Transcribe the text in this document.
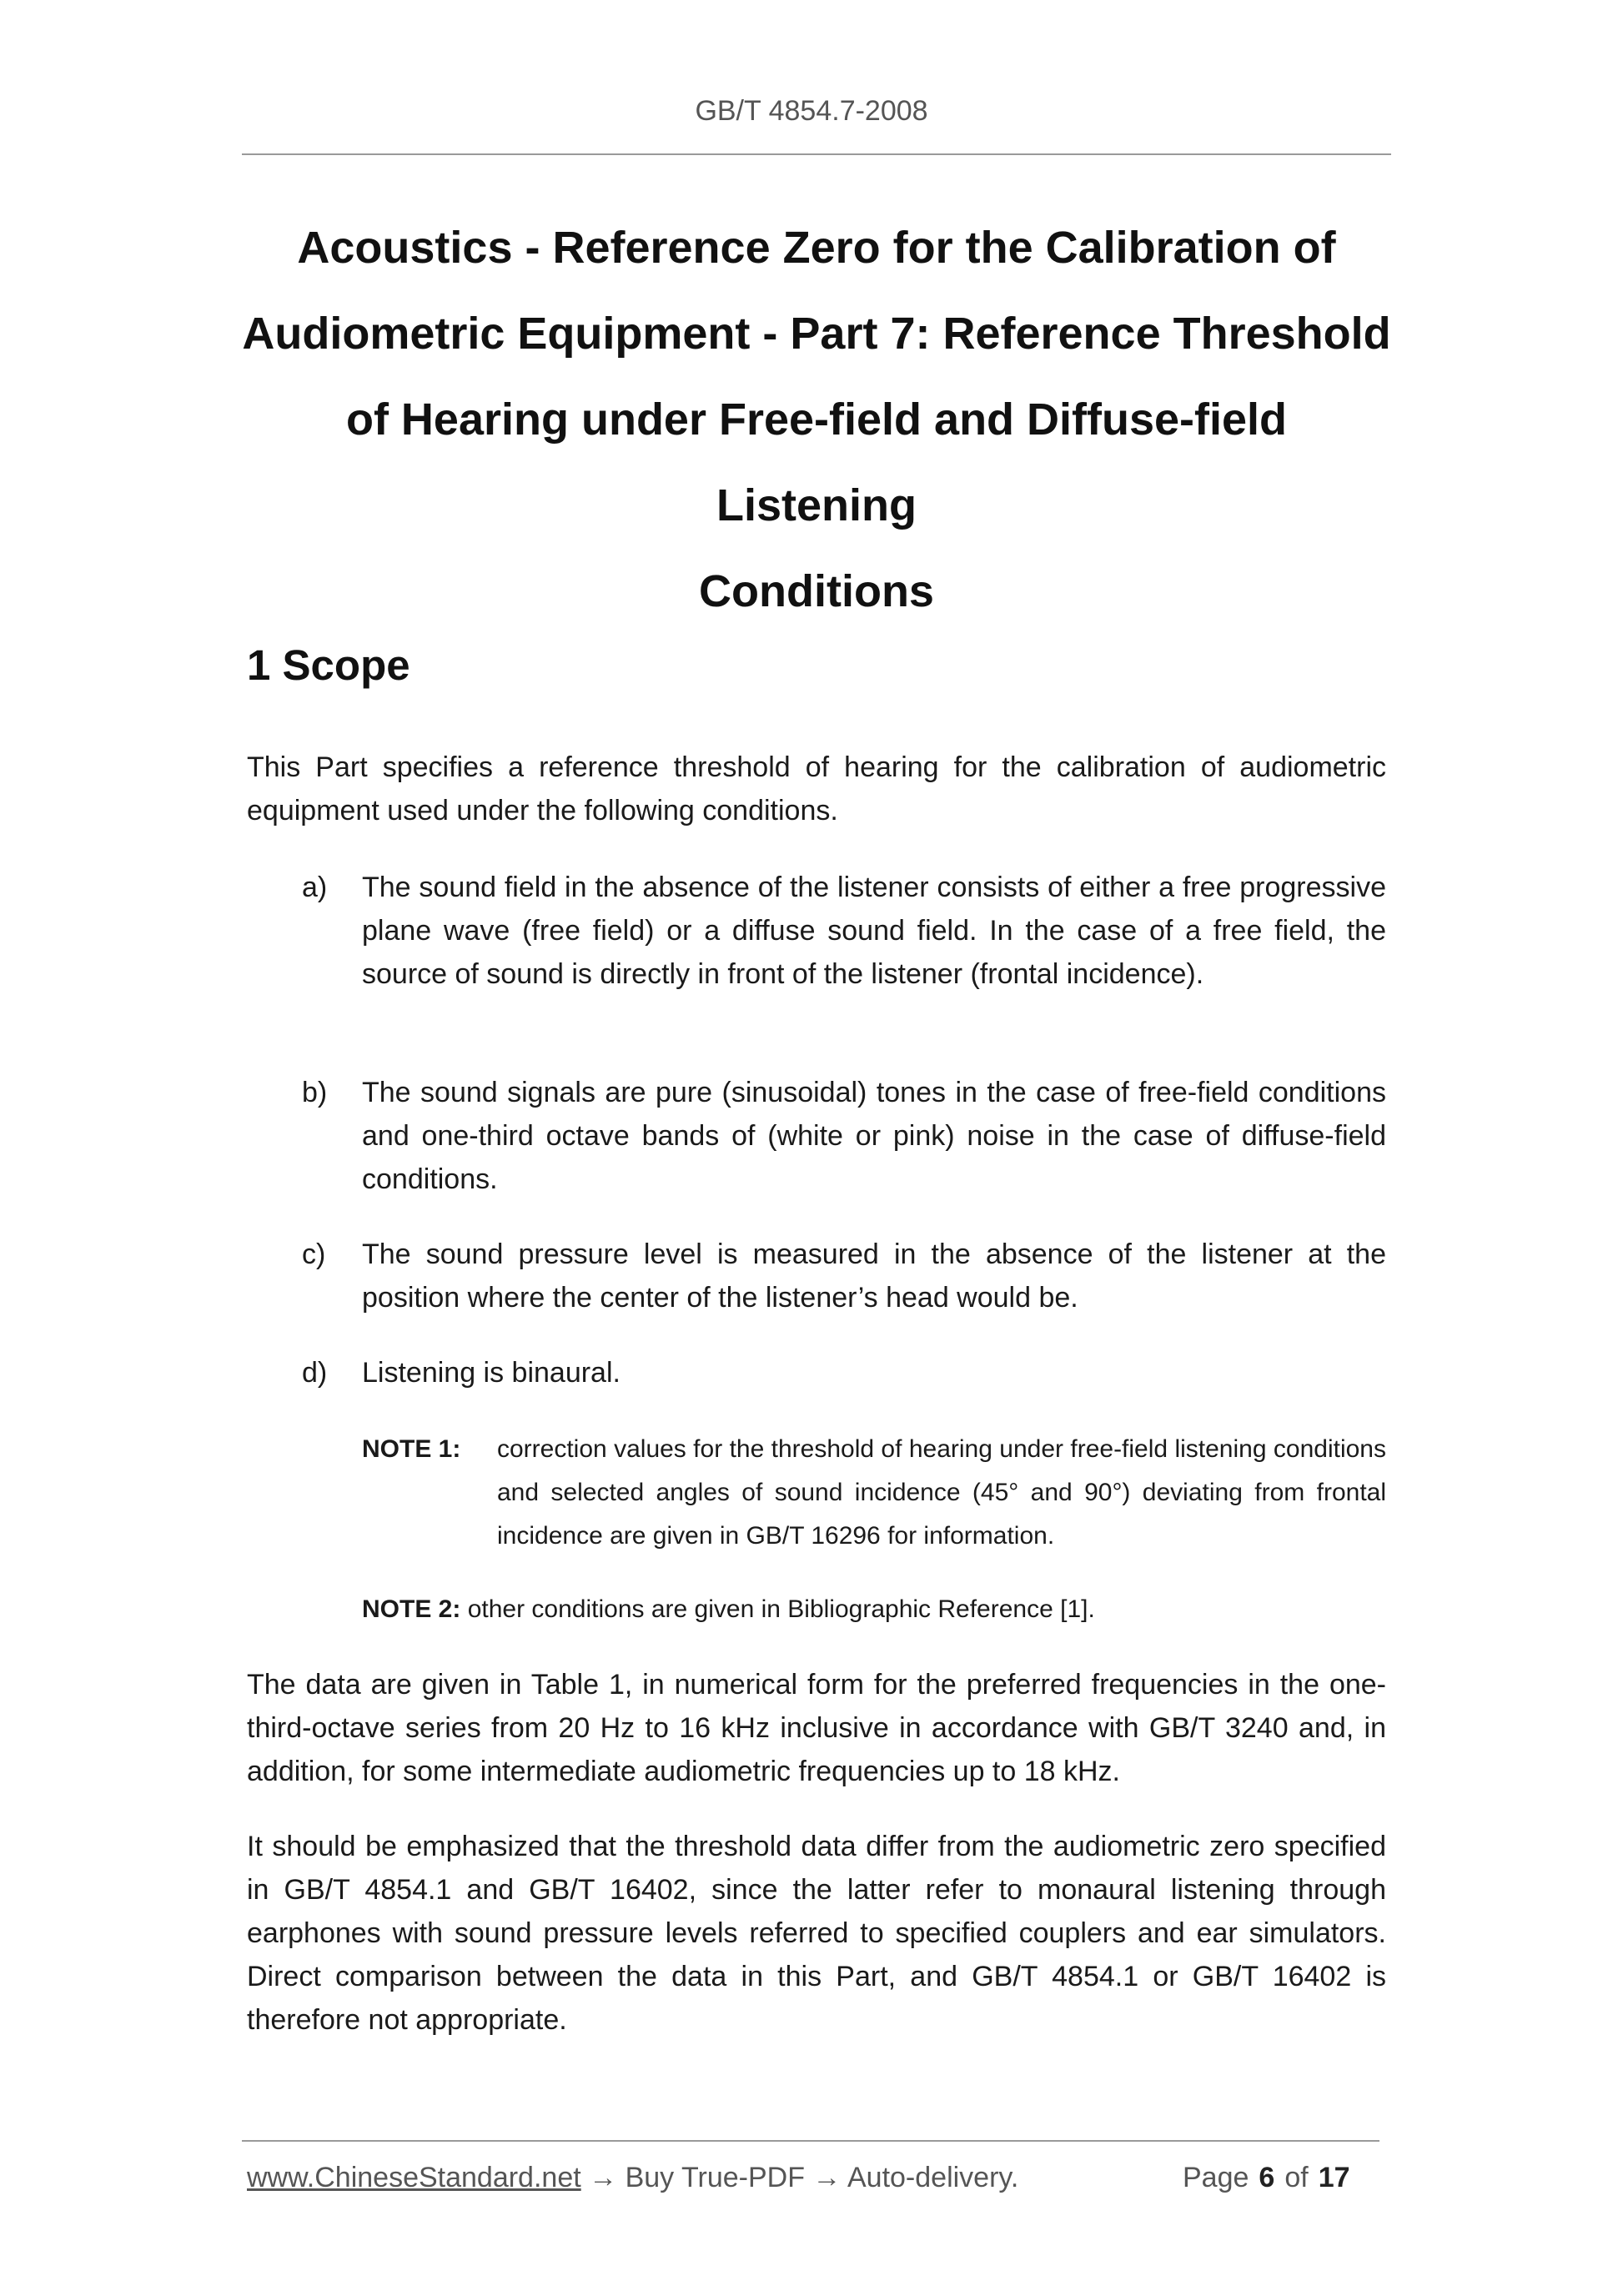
GB/T 4854.7-2008
Acoustics - Reference Zero for the Calibration of
Audiometric Equipment - Part 7: Reference Threshold
of Hearing under Free-field and Diffuse-field Listening
Conditions
1 Scope
This Part specifies a reference threshold of hearing for the calibration of audiometric equipment used under the following conditions.
a)	The sound field in the absence of the listener consists of either a free progressive plane wave (free field) or a diffuse sound field. In the case of a free field, the source of sound is directly in front of the listener (frontal incidence).
b)	The sound signals are pure (sinusoidal) tones in the case of free-field conditions and one-third octave bands of (white or pink) noise in the case of diffuse-field conditions.
c)	The sound pressure level is measured in the absence of the listener at the position where the center of the listener’s head would be.
d)	Listening is binaural.
NOTE 1:	correction values for the threshold of hearing under free-field listening conditions and selected angles of sound incidence (45° and 90°) deviating from frontal incidence are given in GB/T 16296 for information.
NOTE 2: other conditions are given in Bibliographic Reference [1].
The data are given in Table 1, in numerical form for the preferred frequencies in the one-third-octave series from 20 Hz to 16 kHz inclusive in accordance with GB/T 3240 and, in addition, for some intermediate audiometric frequencies up to 18 kHz.
It should be emphasized that the threshold data differ from the audiometric zero specified in GB/T 4854.1 and GB/T 16402, since the latter refer to monaural listening through earphones with sound pressure levels referred to specified couplers and ear simulators. Direct comparison between the data in this Part, and GB/T 4854.1 or GB/T 16402 is therefore not appropriate.
www.ChineseStandard.net → Buy True-PDF → Auto-delivery.	Page 6 of 17
